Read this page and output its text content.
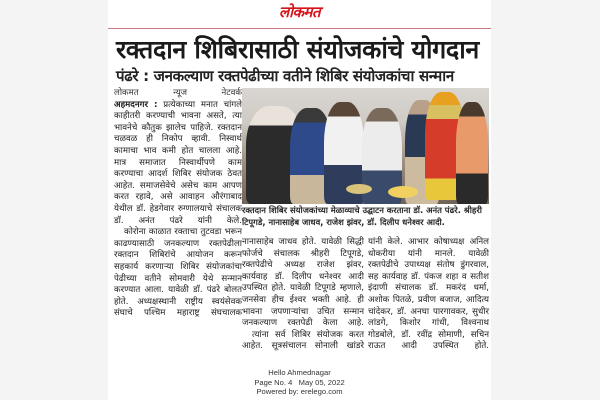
लोकमत
रक्तदान शिबिरासाठी संयोजकांचे योगदान
पंढरे : जनकल्याण रक्तपेढीच्या वतीने शिबिर संयोजकांचा सन्मान
लोकमत न्यूज नेटवर्क

अहमदनगर : प्रत्येकाच्या मनात चांगले काहीतरी करण्याची भावना असते, त्या भावनेचे कौतुक झालेच पाहिजे. रक्तदान चळवळ ही निकोप व्हावी. निस्वार्थ कामाचा भाव कमी होत चालला आहे. मात्र समाजात निस्वार्थीपणे काम करण्याचा आदर्श शिबिर संयोजक ठेवत आहेत. समाजसेवेचे असेच काम आपण करत रहावे, असे आवाहन औरंगाबाद येथील डॉ. हेडगेवार रुग्णालयाचे संचालक डॉ. अनंत पंढरे यांनी केले.

कोरोना काळात रक्ताचा तुटवडा भरून काढण्यासाठी जनकल्याण रक्तपेढीला रक्तदान शिबिरांचे आयोजन करून सहकार्य करणाऱ्या शिबिर संयोजकांचा पेढीच्या वतीने सोमवारी येथे सन्मान करण्यात आला. यावेळी डॉ. पंढरे बोलत होते. अध्यक्षस्थानी राष्ट्रीय स्वयंसेवक संघाचे पश्चिम महाराष्ट्र संघचालक

रक्तदान शिबिर संयोजकांच्या मेळाव्याचे उद्घाटन करताना डॉ. अनंत पंढरे. श्रीहरी टिपूगडे, नानासाहेब जाधव, राजेश झंवर, डॉ. दिलीप धनेश्वर आदी.

नानासाहेब जाधव होते. यावेळी सिद्धी फोर्जचे संचालक श्रीहरी टिपूगडे, रक्तपेढीचे अध्यक्ष राजेश झंवर, कार्यवाह डॉ. दिलीप धनेश्वर आदी उपस्थित होते. यावेळी टिपूगडे म्हणाले, जनसेवा हीच ईश्वर भक्ती आहे. ही भावना जपणाऱ्यांचा उचित सन्मान जनकल्याण रक्तपेढी केला आहे.

त्यांना सर्व शिबिर संयोजक करत आहेत. सूत्रसंचालन सोनाली खांडरे

यांनी केले. आभार कोषाध्यक्ष अनिल धोकरीया यांनी मानले. यावेळी रक्तपेढीचे उपाध्यक्ष संतोष डुंगरवाल, सह कार्यवाह डॉ. पंकज शहा व सतीश इंदाणी संचालक डॉ. मकरंद धर्मा, अशोक पितळे, प्रवीण बजाज, आदित्य चांदेकर, डॉ. अनघा पारगावकर, सुधीर लांडगे, किशोर गांधी, विश्वनाथ गोडबोले, डॉ. रवींद्र सोमाणी, सचिन राऊत आदी उपस्थित होते.

Hello Ahmednagar
Page No. 4   May 05, 2022
Powered by: erelego.com
